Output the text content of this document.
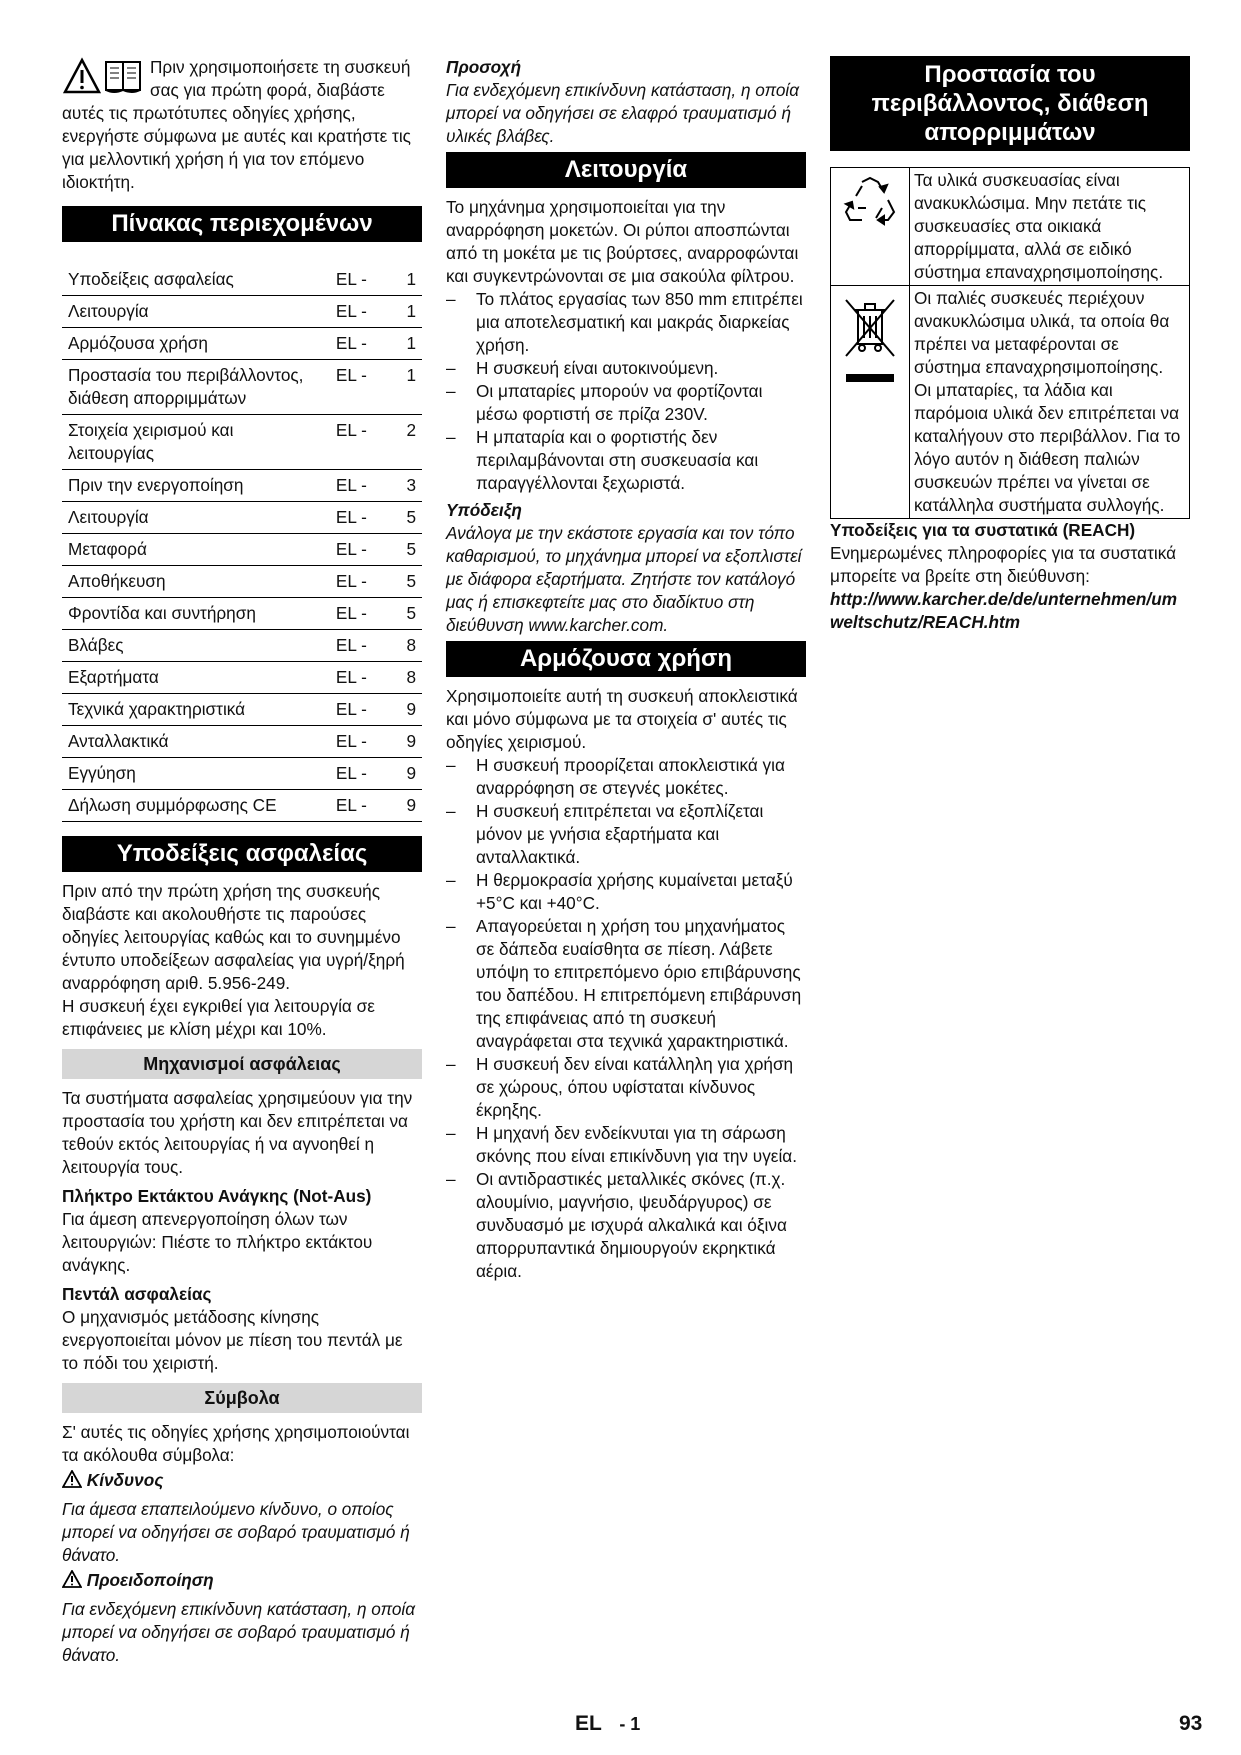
Πριν χρησιμοποιήσετε τη συσκευή σας για πρώτη φορά, διαβάστε αυτές τις πρωτότυπες οδηγίες χρήσης, ενεργήστε σύμφωνα με αυτές και κρατήστε τις για μελλοντική χρήση ή για τον επόμενο ιδιοκτήτη.

Πίνακας περιεχομένων
Υποδείξεις ασφαλείας	EL -	1
Λειτουργία	EL -	1
Αρμόζουσα χρήση	EL -	1
Προστασία του περιβάλλοντος, διάθεση απορριμμάτων	EL -	1
Στοιχεία χειρισμού και λειτουργίας	EL -	2
Πριν την ενεργοποίηση	EL -	3
Λειτουργία	EL -	5
Μεταφορά	EL -	5
Αποθήκευση	EL -	5
Φροντίδα και συντήρηση	EL -	5
Βλάβες	EL -	8
Εξαρτήματα	EL -	8
Τεχνικά χαρακτηριστικά	EL -	9
Ανταλλακτικά	EL -	9
Εγγύηση	EL -	9
Δήλωση συμμόρφωσης CE	EL -	9
Υποδείξεις ασφαλείας

Πριν από την πρώτη χρήση της συσκευής διαβάστε και ακολουθήστε τις παρούσες οδηγίες λειτουργίας καθώς και το συνημμένο έντυπο υποδείξεων ασφαλείας για υγρή/ξηρή αναρρόφηση αριθ. 5.956-249.

Η συσκευή έχει εγκριθεί για λειτουργία σε επιφάνειες με κλίση μέχρι και 10%.

Μηχανισμοί ασφάλειας

Τα συστήματα ασφαλείας χρησιμεύουν για την προστασία του χρήστη και δεν επιτρέπεται να τεθούν εκτός λειτουργίας ή να αγνοηθεί η λειτουργία τους.

Πλήκτρο Εκτάκτου Ανάγκης (Not-Aus)

Για άμεση απενεργοποίηση όλων των λειτουργιών: Πιέστε το πλήκτρο εκτάκτου ανάγκης.

Πεντάλ ασφαλείας

Ο μηχανισμός μετάδοσης κίνησης ενεργοποιείται μόνον με πίεση του πεντάλ με το πόδι του χειριστή.

Σύμβολα

Σ' αυτές τις οδηγίες χρήσης χρησιμοποιούνται τα ακόλουθα σύμβολα:

Κίνδυνος

Για άμεσα επαπειλούμενο κίνδυνο, ο οποίος μπορεί να οδηγήσει σε σοβαρό τραυματισμό ή θάνατο.

Προειδοποίηση

Για ενδεχόμενη επικίνδυνη κατάσταση, η οποία μπορεί να οδηγήσει σε σοβαρό τραυματισμό ή θάνατο.

Προσοχή

Για ενδεχόμενη επικίνδυνη κατάσταση, η οποία μπορεί να οδηγήσει σε ελαφρό τραυματισμό ή υλικές βλάβες.

Λειτουργία

Το μηχάνημα χρησιμοποιείται για την αναρρόφηση μοκετών. Οι ρύποι αποσπώνται από τη μοκέτα με τις βούρτσες, αναρροφώνται και συγκεντρώνονται σε μια σακούλα φίλτρου.

– Το πλάτος εργασίας των 850 mm επιτρέπει μια αποτελεσματική και μακράς διαρκείας χρήση.
– Η συσκευή είναι αυτοκινούμενη.
– Οι μπαταρίες μπορούν να φορτίζονται μέσω φορτιστή σε πρίζα 230V.
– Η μπαταρία και ο φορτιστής δεν περιλαμβάνονται στη συσκευασία και παραγγέλλονται ξεχωριστά.

Υπόδειξη

Ανάλογα με την εκάστοτε εργασία και τον τόπο καθαρισμού, το μηχάνημα μπορεί να εξοπλιστεί με διάφορα εξαρτήματα. Ζητήστε τον κατάλογό μας ή επισκεφτείτε μας στο διαδίκτυο στη διεύθυνση www.karcher.com.

Αρμόζουσα χρήση

Χρησιμοποιείτε αυτή τη συσκευή αποκλειστικά και μόνο σύμφωνα με τα στοιχεία σ' αυτές τις οδηγίες χειρισμού.

– Η συσκευή προορίζεται αποκλειστικά για αναρρόφηση σε στεγνές μοκέτες.
– Η συσκευή επιτρέπεται να εξοπλίζεται μόνον με γνήσια εξαρτήματα και ανταλλακτικά.
– Η θερμοκρασία χρήσης κυμαίνεται μεταξύ +5°C και +40°C.
– Απαγορεύεται η χρήση του μηχανήματος σε δάπεδα ευαίσθητα σε πίεση. Λάβετε υπόψη το επιτρεπόμενο όριο επιβάρυνσης του δαπέδου. Η επιτρεπόμενη επιβάρυνση της επιφάνειας από τη συσκευή αναγράφεται στα τεχνικά χαρακτηριστικά.
– Η συσκευή δεν είναι κατάλληλη για χρήση σε χώρους, όπου υφίσταται κίνδυνος έκρηξης.
– Η μηχανή δεν ενδείκνυται για τη σάρωση σκόνης που είναι επικίνδυνη για την υγεία.
– Οι αντιδραστικές μεταλλικές σκόνες (π.χ. αλουμίνιο, μαγνήσιο, ψευδάργυρος) σε συνδυασμό με ισχυρά αλκαλικά και όξινα απορρυπαντικά δημιουργούν εκρηκτικά αέρια.
Προστασία του περιβάλλοντος, διάθεση απορριμμάτων
	Τα υλικά συσκευασίας είναι ανακυκλώσιμα. Μην πετάτε τις συσκευασίες στα οικιακά απορρίμματα, αλλά σε ειδικό σύστημα επαναχρησιμοποίησης.
	Οι παλιές συσκευές περιέχουν ανακυκλώσιμα υλικά, τα οποία θα πρέπει να μεταφέρονται σε σύστημα επαναχρησιμοποίησης. Οι μπαταρίες, τα λάδια και παρόμοια υλικά δεν επιτρέπεται να καταλήγουν στο περιβάλλον. Για το λόγο αυτόν η διάθεση παλιών συσκευών πρέπει να γίνεται σε κατάλληλα συστήματα συλλογής.

Υποδείξεις για τα συστατικά (REACH)

Ενημερωμένες πληροφορίες για τα συστατικά μπορείτε να βρείτε στη διεύθυνση:

http://www.karcher.de/de/unternehmen/umweltschutz/REACH.htm

EL - 1	93
